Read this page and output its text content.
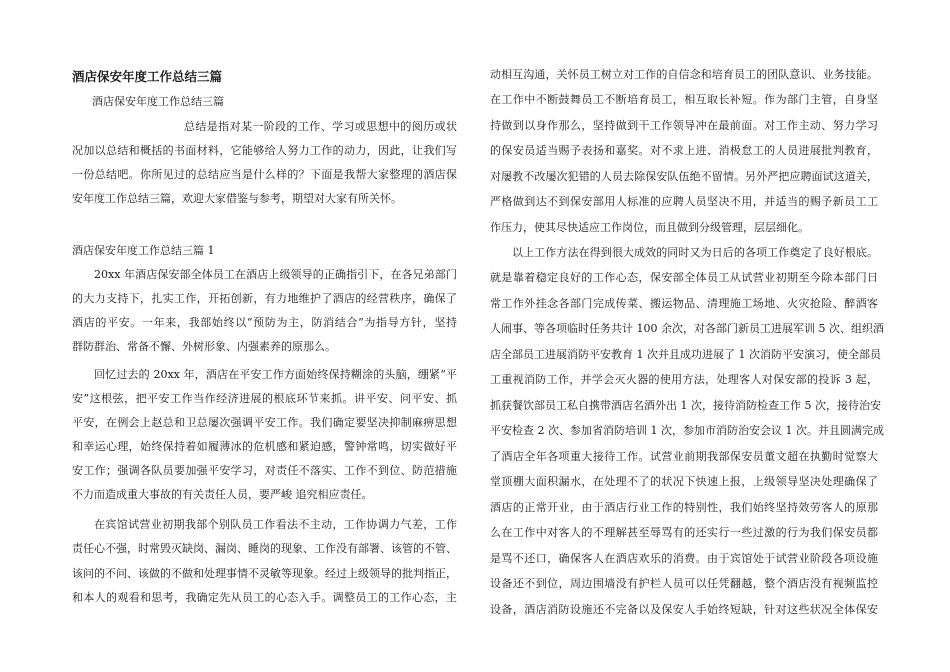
酒店保安年度工作总结三篇
酒店保安年度工作总结三篇
总结是指对某一阶段的工作、学习或思想中的阅历或状
况加以总结和概括的书面材料，它能够给人努力工作的动力，因此，让我们写
一份总结吧。你所见过的总结应当是什么样的？下面是我帮大家整理的酒店保
安年度工作总结三篇，欢迎大家借鉴与参考，期望对大家有所关怀。
酒店保安年度工作总结三篇 1
20xx 年酒店保安部全体员工在酒店上级领导的正确指引下，在各兄弟部门
的大力支持下，扎实工作，开拓创新，有力地维护了酒店的经营秩序，确保了
酒店的平安。一年来，我部始终以“预防为主，防消结合”为指导方针，坚持
群防群治、常备不懈、外树形象、内强素养的原那么。
回忆过去的 20xx 年，酒店在平安工作方面始终保持糊涂的头脑，绷紧“平
安”这根弦，把平安工作当作经济进展的根底环节来抓。讲平安、问平安、抓
平安，在例会上赵总和卫总屡次强调平安工作。我们确定要坚决抑制麻痹思想
和幸运心理，始终保持着如履薄冰的危机感和紧迫感，警钟常鸣，切实做好平
安工作；强调各队员要加强平安学习，对责任不落实、工作不到位、防范措施
不力而造成重大事故的有关责任人员，要严峻 追究相应责任。
在宾馆试营业初期我部个别队员工作看法不主动，工作协调力气差，工作
责任心不强，时常毁灭缺岗、漏岗、睡岗的现象、工作没有部署、该管的不管、
该问的不问、该做的不做和处理事情不灵敏等现象。经过上级领导的批判指正，
和本人的观看和思考，我确定先从员工的心态入手。调整员工的工作心态，主
动相互沟通，关怀员工树立对工作的自信念和培育员工的团队意识、业务技能。
在工作中不断鼓舞员工不断培育员工，相互取长补短。作为部门主管，自身坚
持做到以身作那么，坚持做到干工作领导冲在最前面。对工作主动、努力学习
的保安员适当赐予表扬和嘉奖。对不求上进、消极怠工的人员进展批判教育，
对屡教不改屡次犯错的人员去除保安队伍绝不留情。另外严把应聘面试这道关，
严格做到达不到保安部用人标准的应聘人员坚决不用，并适当的赐予新员工工
作压力，使其尽快适应工作岗位，而且做到分级管理，层层细化。
以上工作方法在得到很大成效的同时又为日后的各项工作奠定了良好根底。
就是靠着稳定良好的工作心态，保安部全体员工从试营业初期至今除本部门日
常工作外挂念各部门完成传菜、搬运物品、清理施工场地、火灾抢险、醉酒客
人闹事、等各项临时任务共计 100 余次，对各部门新员工进展军训 5 次、组织酒
店全部员工进展消防平安教育 1 次并且成功进展了 1 次消防平安演习，使全部员
工重视消防工作，并学会灭火器的使用方法，处理客人对保安部的投诉 3 起，
抓获餐饮部员工私自携带酒店名酒外出 1 次，接待消防检查工作 5 次，接待治安
平安检查 2 次、参加省消防培训 1 次，参加市消防治安会议 1 次。并且圆满完成
了酒店全年各项重大接待工作。试营业前期我部保安员董文超在执勤时觉察大
堂顶棚大面积漏水，在处理不了的状况下快速上报，上级领导坚决处理确保了
酒店的正常开业，由于酒店行业工作的特别性，我们始终坚持效劳客人的原那
么在工作中对客人的不理解甚至辱骂有的还实行一些过激的行为我们保安员都
是骂不还口，确保客人在酒店欢乐的消费。由于宾馆处于试营业阶段各项设施
设备还不到位，周边围墙没有护栏人员可以任凭翻越，整个酒店没有视频监控
设备，酒店消防设施还不完备以及保安人手始终短缺，针对这些状况全体保安
